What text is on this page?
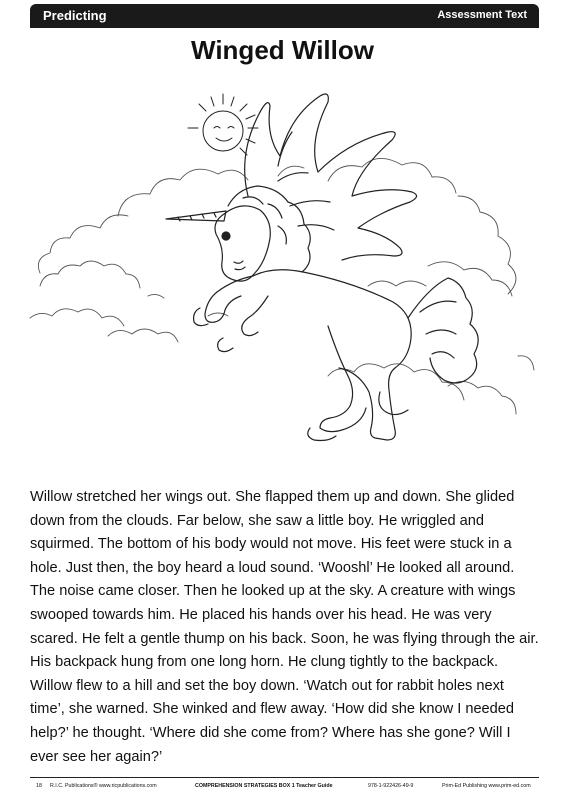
Predicting	Assessment Text
Winged Willow

Willow stretched her wings out. She flapped them up and down. She glided down from the clouds. Far below, she saw a little boy. He wriggled and squirmed. The bottom of his body would not move. His feet were stuck in a hole. Just then, the boy heard a loud sound. ‘Wooshl’ He looked all around. The noise came closer. Then he looked up at the sky. A creature with wings swooped towards him. He placed his hands over his head. He was very scared. He felt a gentle thump on his back. Soon, he was flying through the air. His backpack hung from one long horn. He clung tightly to the backpack. Willow flew to a hill and set the boy down. ‘Watch out for rabbit holes next time’, she warned. She winked and flew away. ‘How did she know I needed help?’ he thought. ‘Where did she come from? Where has she gone? Will I ever see her again?’

18 R.I.C. Publications® www.ricpublications.com	COMPREHENSION STRATEGIES BOX 1 Teacher Guide	978-1-922426-49-9	Prim-Ed Publishing www.prim-ed.com
